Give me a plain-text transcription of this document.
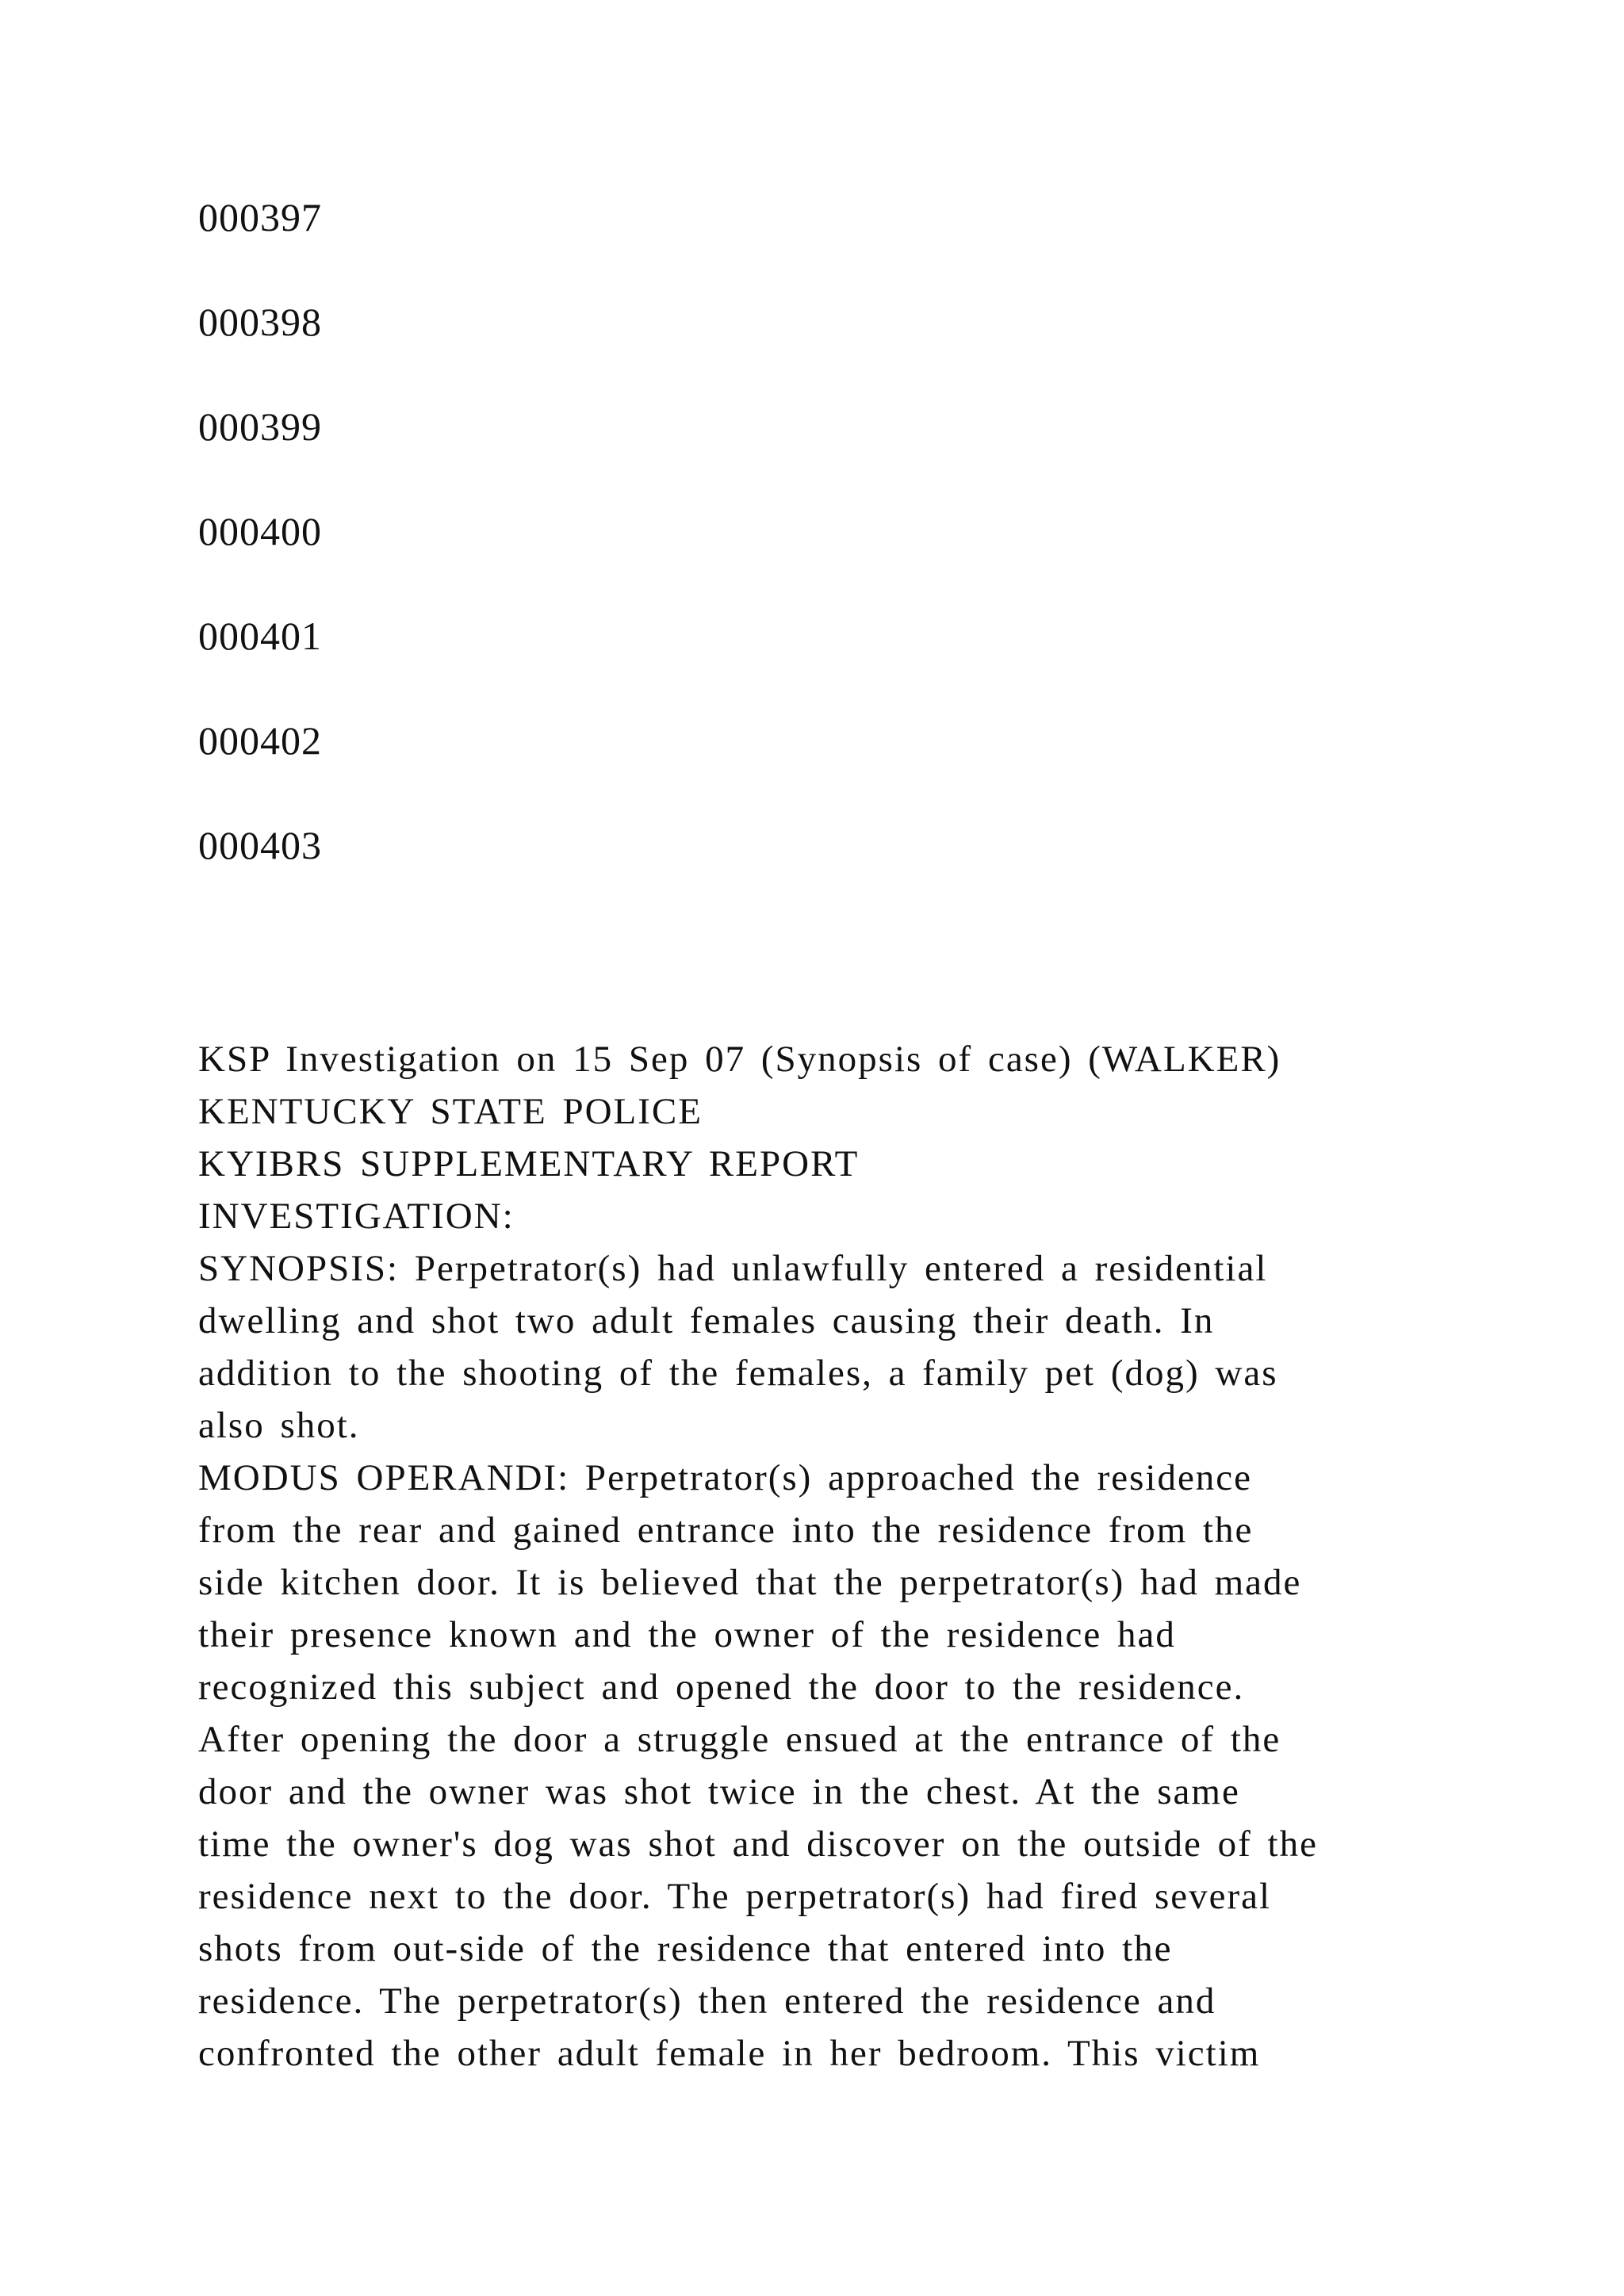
000397
000398
000399
000400
000401
000402
000403
KSP Investigation on 15 Sep 07 (Synopsis of case) (WALKER)
KENTUCKY STATE POLICE
KYIBRS SUPPLEMENTARY REPORT
INVESTIGATION:
SYNOPSIS: Perpetrator(s) had unlawfully entered a residential
dwelling and shot two adult females causing their death. In
addition to the shooting of the females, a family pet (dog) was
also shot.
MODUS OPERANDI: Perpetrator(s) approached the residence
from the rear and gained entrance into the residence from the
side kitchen door. It is believed that the perpetrator(s) had made
their presence known and the owner of the residence had
recognized this subject and opened the door to the residence.
After opening the door a struggle ensued at the entrance of the
door and the owner was shot twice in the chest. At the same
time the owner's dog was shot and discover on the outside of the
residence next to the door. The perpetrator(s) had fired several
shots from out-side of the residence that entered into the
residence. The perpetrator(s) then entered the residence and
confronted the other adult female in her bedroom. This victim
